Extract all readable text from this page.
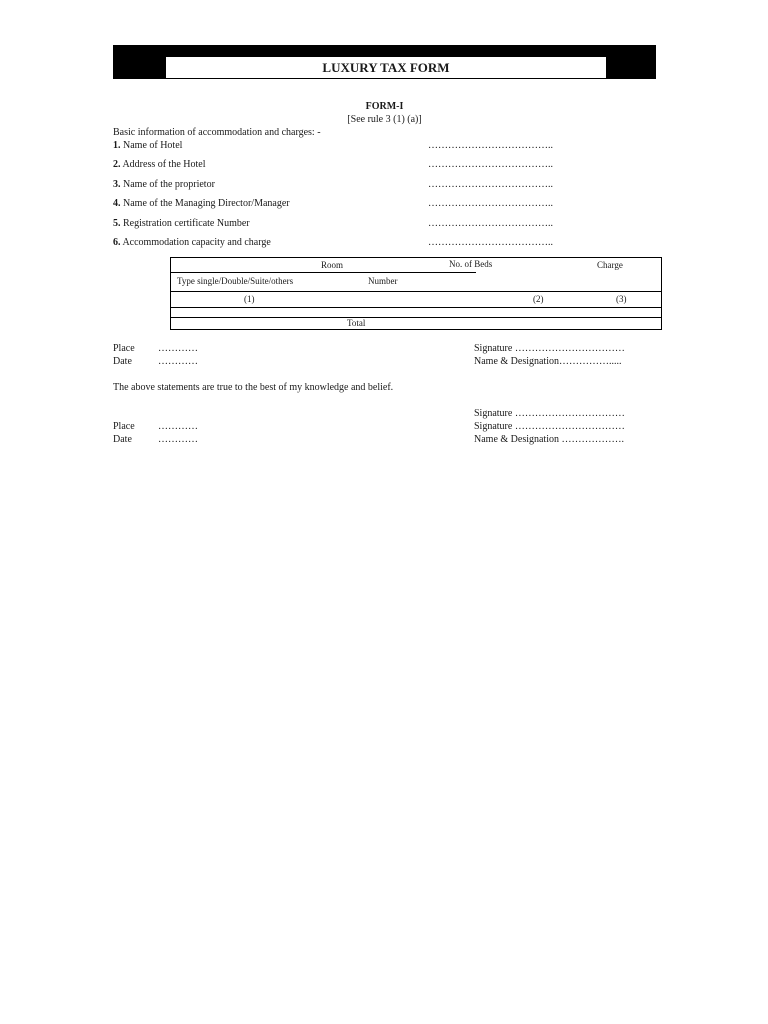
LUXURY TAX FORM
FORM-I
[See rule 3 (1) (a)]
Basic information of accommodation and charges: -
1. Name of Hotel	………………………………..
2. Address of the Hotel	………………………………..
3. Name of the proprietor	………………………………..
4. Name of the Managing Director/Manager	………………………………..
5. Registration certificate Number	………………………………..
6. Accommodation capacity and charge	………………………………..
Room	No. of Beds	Charge
Type single/Double/Suite/others	Number
(1)	(2)	(3)
Total
Place …………	Signature ……………………………
Date	…………	Name & Designation…………….....
The above statements are true to the best of my knowledge and belief.
Signature ……………………………
Place …………	Signature ……………………………
Date	…………	Name & Designation ……………….
